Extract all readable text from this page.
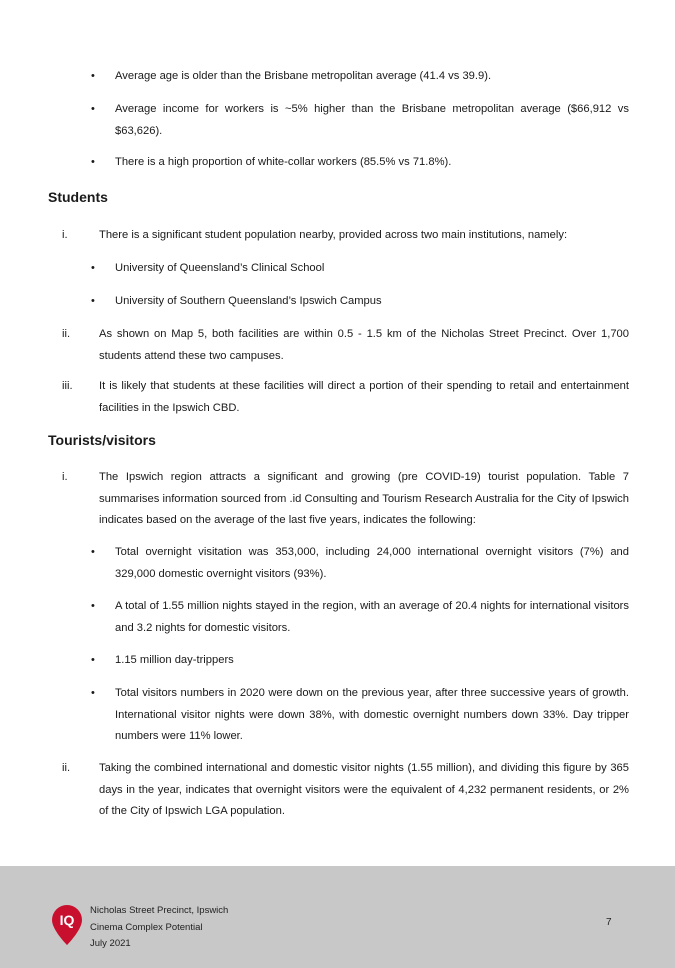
• Average age is older than the Brisbane metropolitan average (41.4 vs 39.9).
• Average income for workers is ~5% higher than the Brisbane metropolitan average ($66,912 vs $63,626).
• There is a high proportion of white-collar workers (85.5% vs 71.8%).
Students
i.	There is a significant student population nearby, provided across two main institutions, namely:
• University of Queensland’s Clinical School
• University of Southern Queensland’s Ipswich Campus
ii.	As shown on Map 5, both facilities are within 0.5 - 1.5 km of the Nicholas Street Precinct. Over 1,700 students attend these two campuses.
iii. It is likely that students at these facilities will direct a portion of their spending to retail and entertainment facilities in the Ipswich CBD.
Tourists/visitors
i.	The Ipswich region attracts a significant and growing (pre COVID-19) tourist population. Table 7 summarises information sourced from .id Consulting and Tourism Research Australia for the City of Ipswich indicates based on the average of the last five years, indicates the following:
• Total overnight visitation was 353,000, including 24,000 international overnight visitors (7%) and 329,000 domestic overnight visitors (93%).
• A total of 1.55 million nights stayed in the region, with an average of 20.4 nights for international visitors and 3.2 nights for domestic visitors.
• 1.15 million day-trippers
• Total visitors numbers in 2020 were down on the previous year, after three successive years of growth. International visitor nights were down 38%, with domestic overnight numbers down 33%. Day tripper numbers were 11% lower.
ii.	Taking the combined international and domestic visitor nights (1.55 million), and dividing this figure by 365 days in the year, indicates that overnight visitors were the equivalent of 4,232 permanent residents, or 2% of the City of Ipswich LGA population.
IQ
Nicholas Street Precinct, Ipswich
Cinema Complex Potential
July 2021
7
